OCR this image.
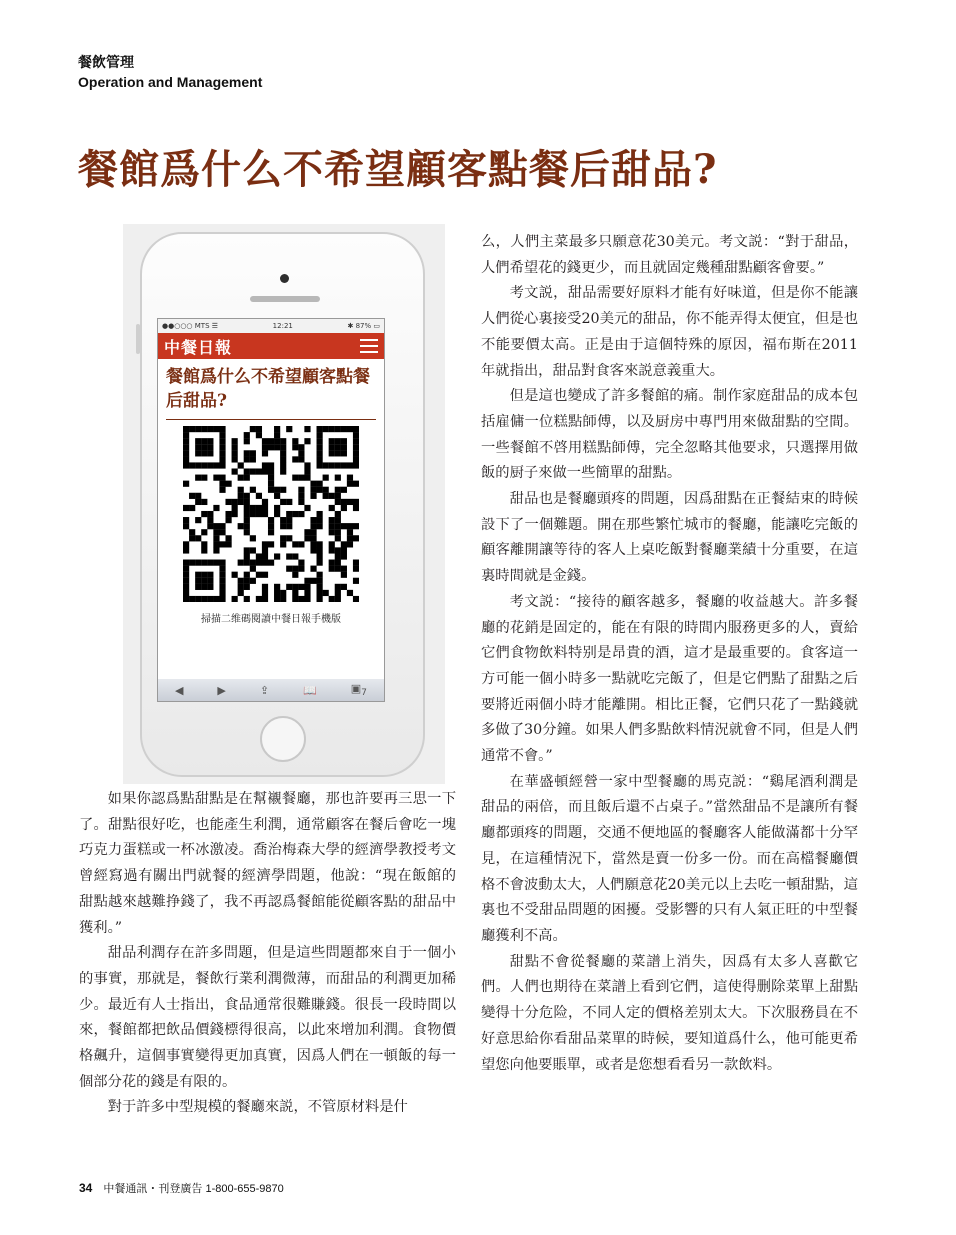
餐飲管理
Operation and Management
餐館爲什么不希望顧客點餐后甜品?
●●○○○ MTS ☰	12:21	✱ 87% ▭
中餐日報
餐館爲什么不希望顧客點餐后甜品?
掃描二维碼閱讀中餐日報手機版
◀	▶	⇪	📖	$▣_7$

如果你認爲點甜點是在幫襯餐廳，那也許要再三思一下了。甜點很好吃，也能產生利潤，通常顧客在餐后會吃一塊巧克力蛋糕或一杯冰激凌。喬治梅森大學的經濟學教授考文曾經寫過有關出門就餐的經濟學問題，他說：“現在飯館的甜點越來越難挣錢了，我不再認爲餐館能從顧客點的甜品中獲利。”

甜品利潤存在許多問題，但是這些問題都來自于一個小的事實，那就是，餐飲行業利潤微薄，而甜品的利潤更加稀少。最近有人士指出，食品通常很難賺錢。很長一段時間以來，餐館都把飲品價錢標得很高，以此來增加利潤。食物價格飆升，這個事實變得更加真實，因爲人們在一頓飯的每一個部分花的錢是有限的。

對于許多中型規模的餐廳來説，不管原材料是什

么，人們主菜最多只願意花30美元。考文説：“對于甜品，人們希望花的錢更少，而且就固定幾種甜點顧客會要。”

考文説，甜品需要好原料才能有好味道，但是你不能讓人們從心裏接受20美元的甜品，你不能弄得太便宜，但是也不能要價太高。正是由于這個特殊的原因，福布斯在2011年就指出，甜品對食客來説意義重大。

但是這也變成了許多餐館的痛。制作家庭甜品的成本包括雇傭一位糕點師傅，以及厨房中專門用來做甜點的空間。一些餐館不啓用糕點師傅，完全忽略其他要求，只選擇用做飯的厨子來做一些簡單的甜點。

甜品也是餐廳頭疼的問題，因爲甜點在正餐結束的時候設下了一個難題。開在那些繁忙城市的餐廳，能讓吃完飯的顧客離開讓等待的客人上桌吃飯對餐廳業績十分重要，在這裏時間就是金錢。

考文説：“接待的顧客越多，餐廳的收益越大。許多餐廳的花銷是固定的，能在有限的時間内服務更多的人，賣給它們食物飲料特别是昂貴的酒，這才是最重要的。食客這一方可能一個小時多一點就吃完飯了，但是它們點了甜點之后要將近兩個小時才能離開。相比正餐，它們只花了一點錢就多做了30分鐘。如果人們多點飲料情況就會不同，但是人們通常不會。”

在華盛頓經營一家中型餐廳的馬克説：“鷄尾酒利潤是甜品的兩倍，而且飯后還不占桌子。”當然甜品不是讓所有餐廳都頭疼的問題，交通不便地區的餐廳客人能做滿都十分罕見，在這種情況下，當然是賣一份多一份。而在高檔餐廳價格不會波動太大，人們願意花20美元以上去吃一頓甜點，這裏也不受甜品問題的困擾。受影響的只有人氣正旺的中型餐廳獲利不高。

甜點不會從餐廳的菜譜上消失，因爲有太多人喜歡它們。人們也期待在菜譜上看到它們，這使得删除菜單上甜點變得十分危险，不同人定的價格差别太大。下次服務員在不好意思給你看甜品菜單的時候，要知道爲什么，他可能更希望您向他要賬單，或者是您想看看另一款飲料。

34 中餐通訊・刊登廣告 1-800-655-9870
